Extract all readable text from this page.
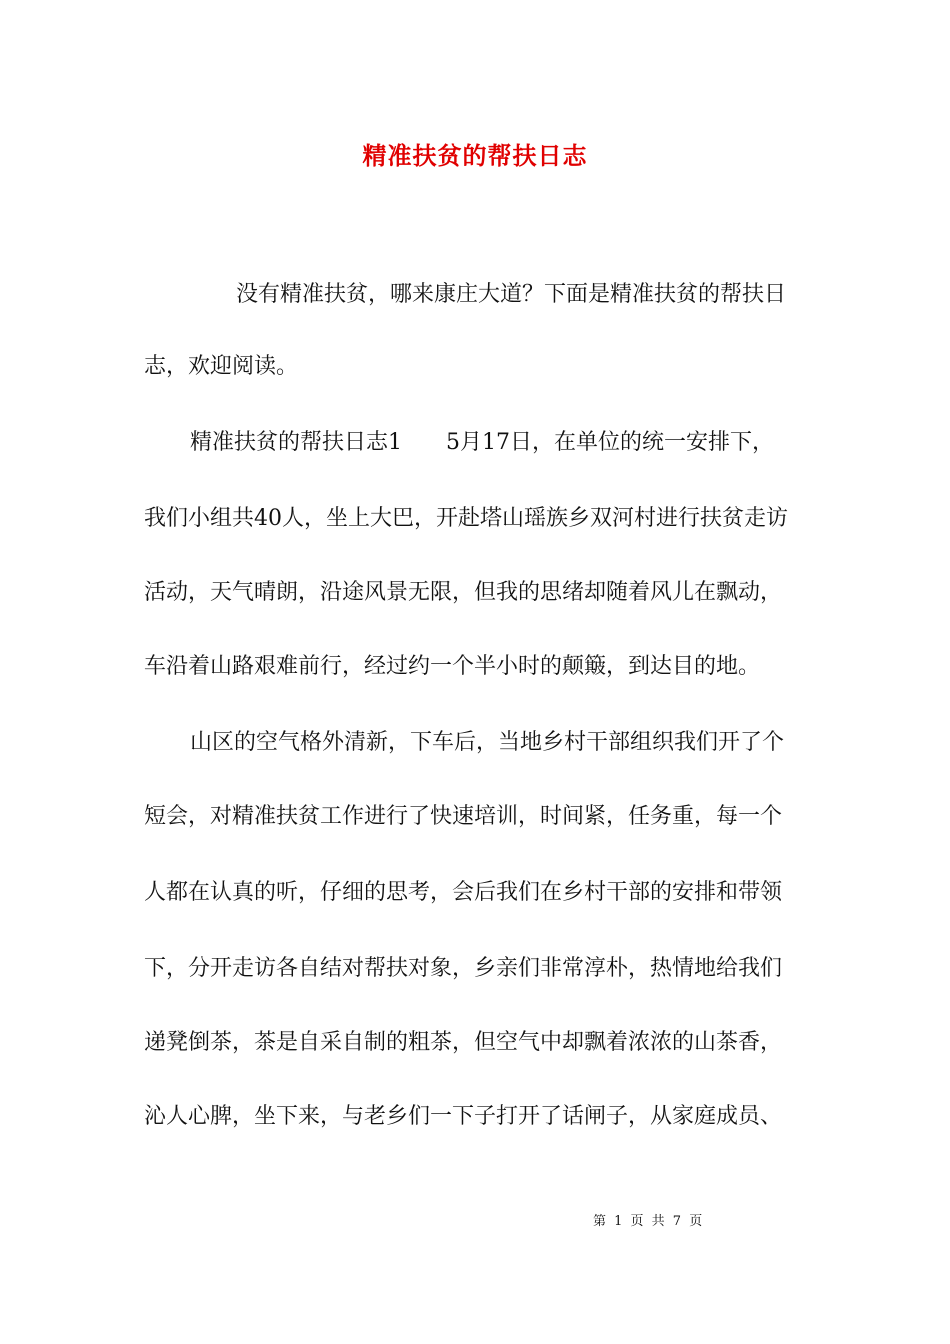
精准扶贫的帮扶日志
没有精准扶贫，哪来康庄大道？下面是精准扶贫的帮扶日
志，欢迎阅读。
精准扶贫的帮扶日志1　　5月17日，在单位的统一安排下，
我们小组共40人，坐上大巴，开赴塔山瑶族乡双河村进行扶贫走访
活动，天气晴朗，沿途风景无限，但我的思绪却随着风儿在飘动，
车沿着山路艰难前行，经过约一个半小时的颠簸，到达目的地。
山区的空气格外清新，下车后，当地乡村干部组织我们开了个
短会，对精准扶贫工作进行了快速培训，时间紧，任务重，每一个
人都在认真的听，仔细的思考，会后我们在乡村干部的安排和带领
下，分开走访各自结对帮扶对象，乡亲们非常淳朴，热情地给我们
递凳倒茶，茶是自采自制的粗茶，但空气中却飘着浓浓的山茶香，
沁人心脾，坐下来，与老乡们一下子打开了话闸子，从家庭成员、
第 1 页 共 7 页
